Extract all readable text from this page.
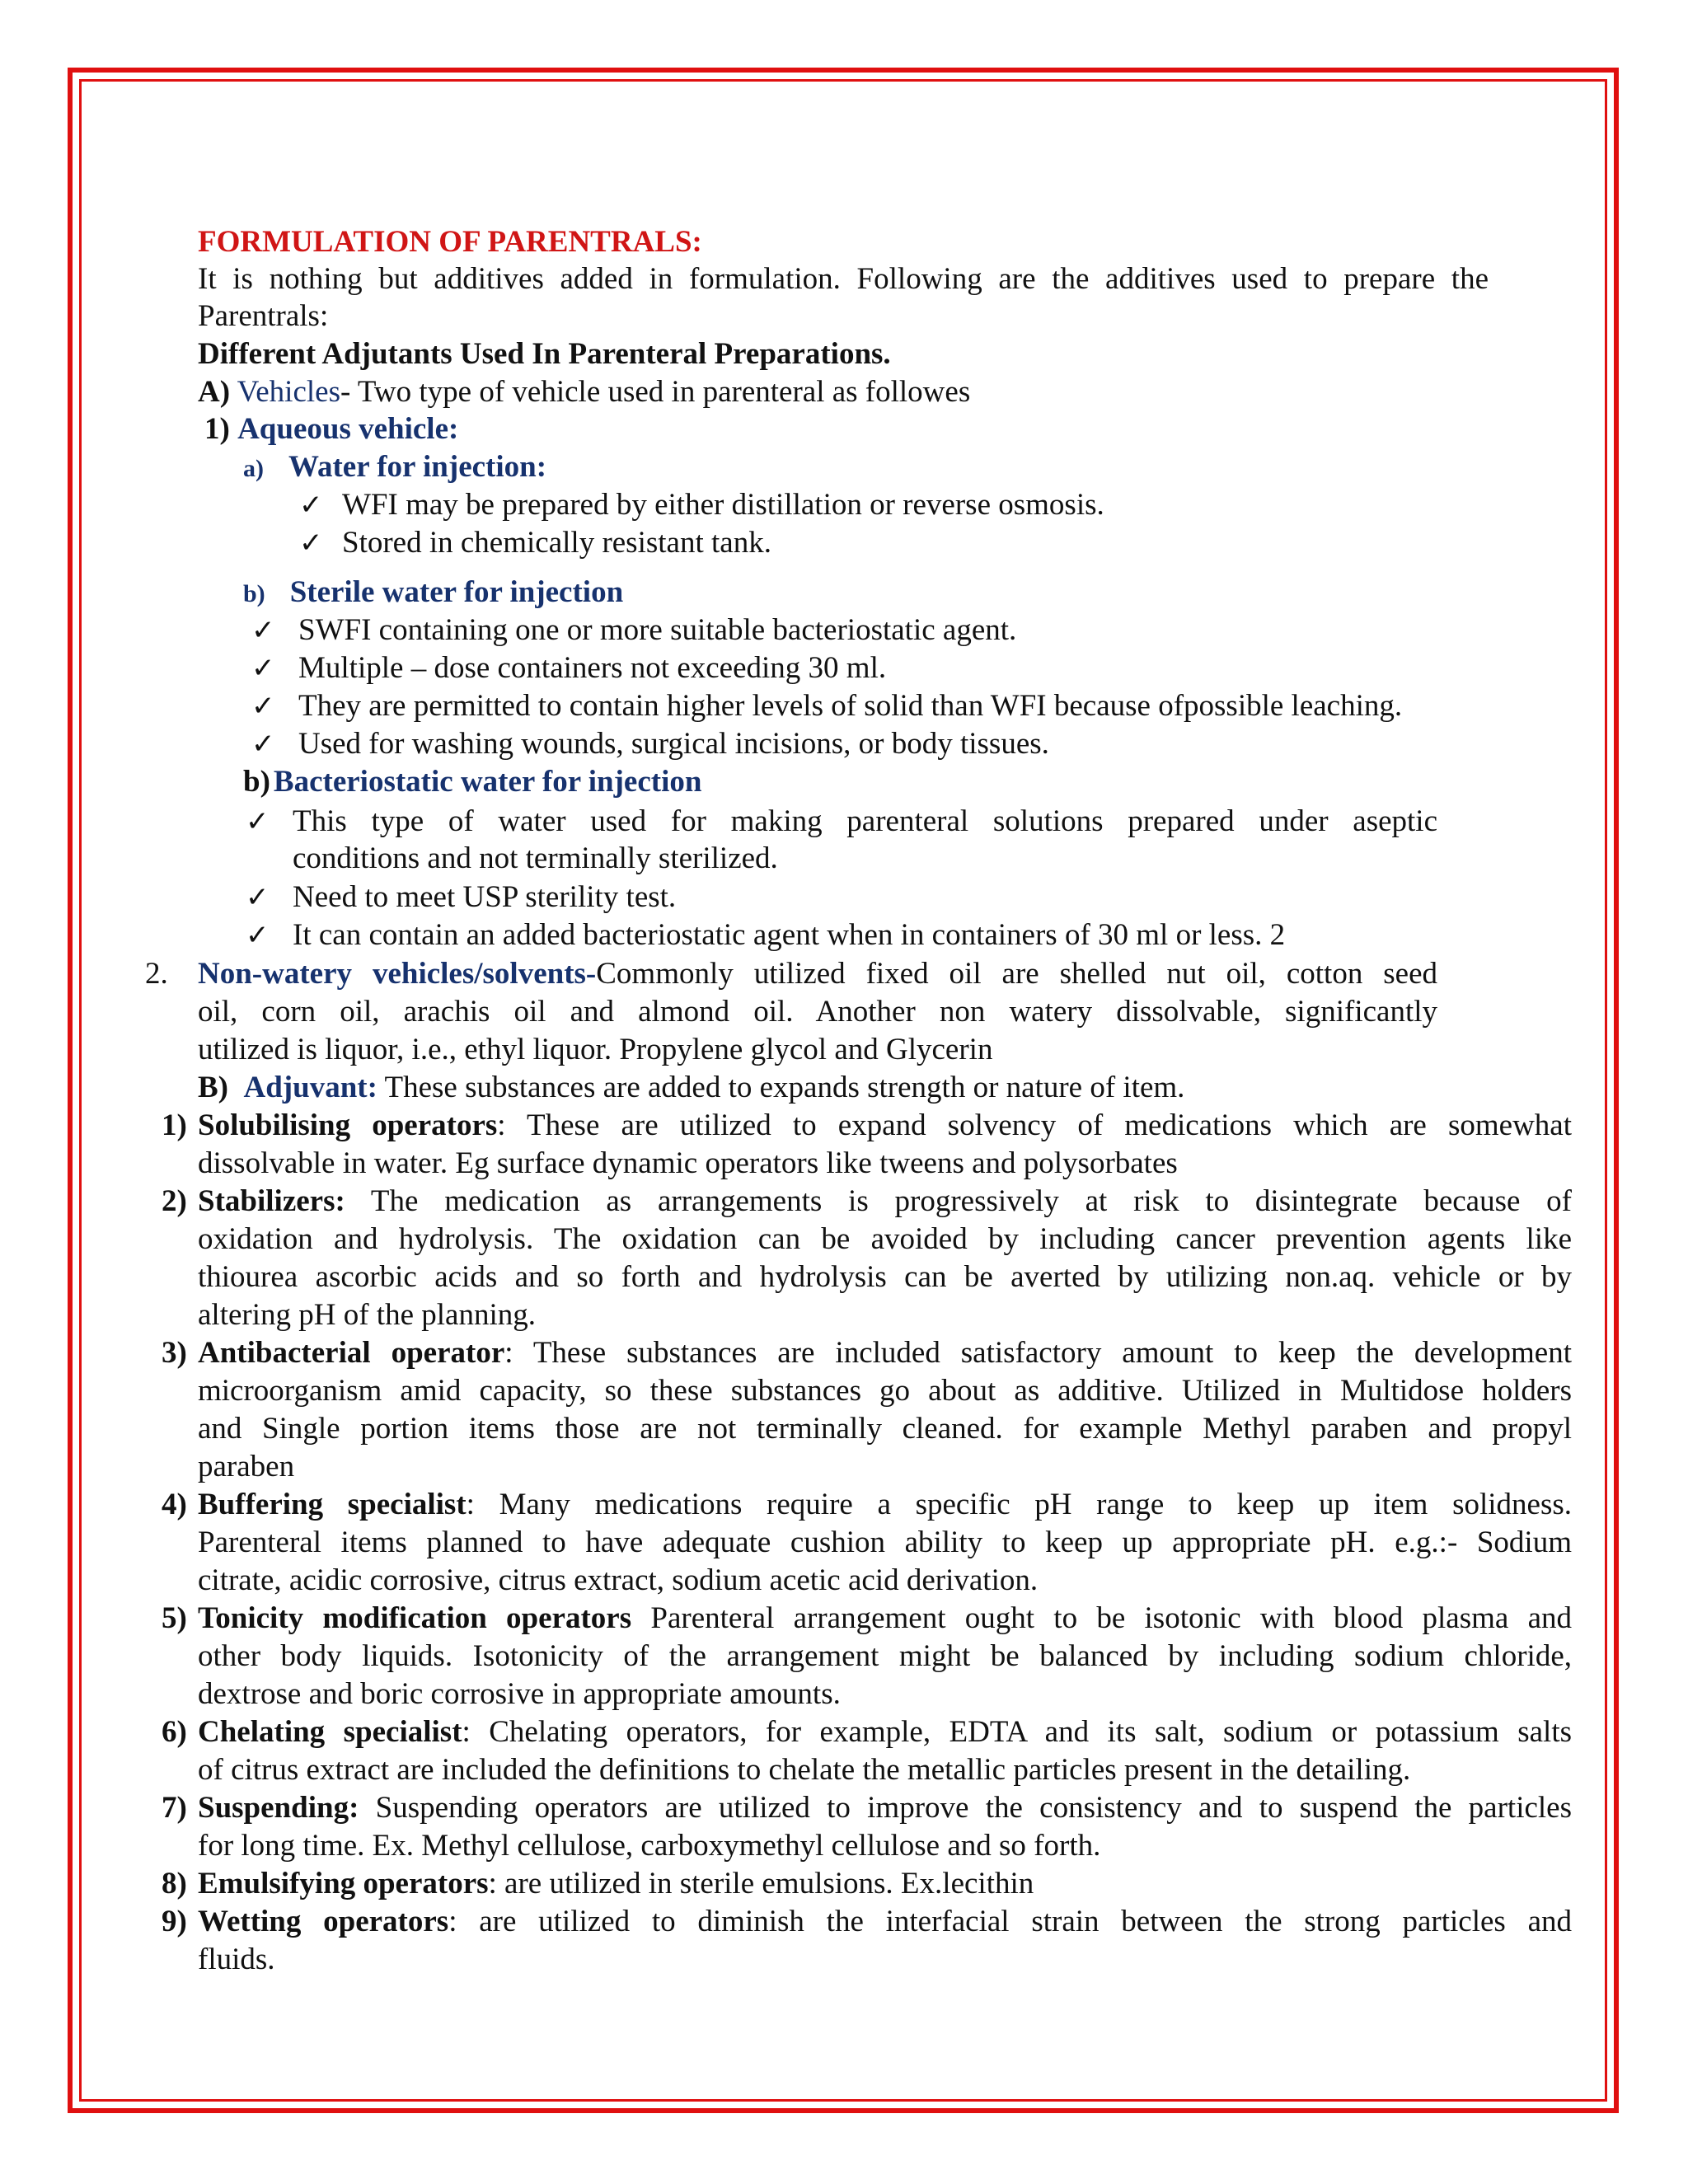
FORMULATION OF PARENTRALS:
It is nothing but additives added in formulation. Following are the additives used to prepare the
Parentrals:
Different Adjutants Used In Parenteral Preparations.
A) Vehicles- Two type of vehicle used in parenteral as followes
1) Aqueous vehicle:
a) Water for injection:
✓ WFI may be prepared by either distillation or reverse osmosis.
✓ Stored in chemically resistant tank.
b) Sterile water for injection
✓ SWFI containing one or more suitable bacteriostatic agent.
✓ Multiple – dose containers not exceeding 30 ml.
✓ They are permitted to contain higher levels of solid than WFI because ofpossible leaching.
✓ Used for washing wounds, surgical incisions, or body tissues.
b) Bacteriostatic water for injection
✓ This type of water used for making parenteral solutions prepared under aseptic
conditions and not terminally sterilized.
✓ Need to meet USP sterility test.
✓ It can contain an added bacteriostatic agent when in containers of 30 ml or less. 2
2. Non-watery vehicles/solvents-Commonly utilized fixed oil are shelled nut oil, cotton seed
oil, corn oil, arachis oil and almond oil. Another non watery dissolvable, significantly
utilized is liquor, i.e., ethyl liquor. Propylene glycol and Glycerin
B) Adjuvant: These substances are added to expands strength or nature of item.
1) Solubilising operators: These are utilized to expand solvency of medications which are somewhat
dissolvable in water. Eg surface dynamic operators like tweens and polysorbates
2) Stabilizers: The medication as arrangements is progressively at risk to disintegrate because of
oxidation and hydrolysis. The oxidation can be avoided by including cancer prevention agents like
thiourea ascorbic acids and so forth and hydrolysis can be averted by utilizing non.aq. vehicle or by
altering pH of the planning.
3) Antibacterial operator: These substances are included satisfactory amount to keep the development
microorganism amid capacity, so these substances go about as additive. Utilized in Multidose holders
and Single portion items those are not terminally cleaned. for example Methyl paraben and propyl
paraben
4) Buffering specialist: Many medications require a specific pH range to keep up item solidness.
Parenteral items planned to have adequate cushion ability to keep up appropriate pH. e.g.:- Sodium
citrate, acidic corrosive, citrus extract, sodium acetic acid derivation.
5) Tonicity modification operators Parenteral arrangement ought to be isotonic with blood plasma and
other body liquids. Isotonicity of the arrangement might be balanced by including sodium chloride,
dextrose and boric corrosive in appropriate amounts.
6) Chelating specialist: Chelating operators, for example, EDTA and its salt, sodium or potassium salts
of citrus extract are included the definitions to chelate the metallic particles present in the detailing.
7) Suspending: Suspending operators are utilized to improve the consistency and to suspend the particles
for long time. Ex. Methyl cellulose, carboxymethyl cellulose and so forth.
8) Emulsifying operators: are utilized in sterile emulsions. Ex.lecithin
9) Wetting operators: are utilized to diminish the interfacial strain between the strong particles and
fluids.
